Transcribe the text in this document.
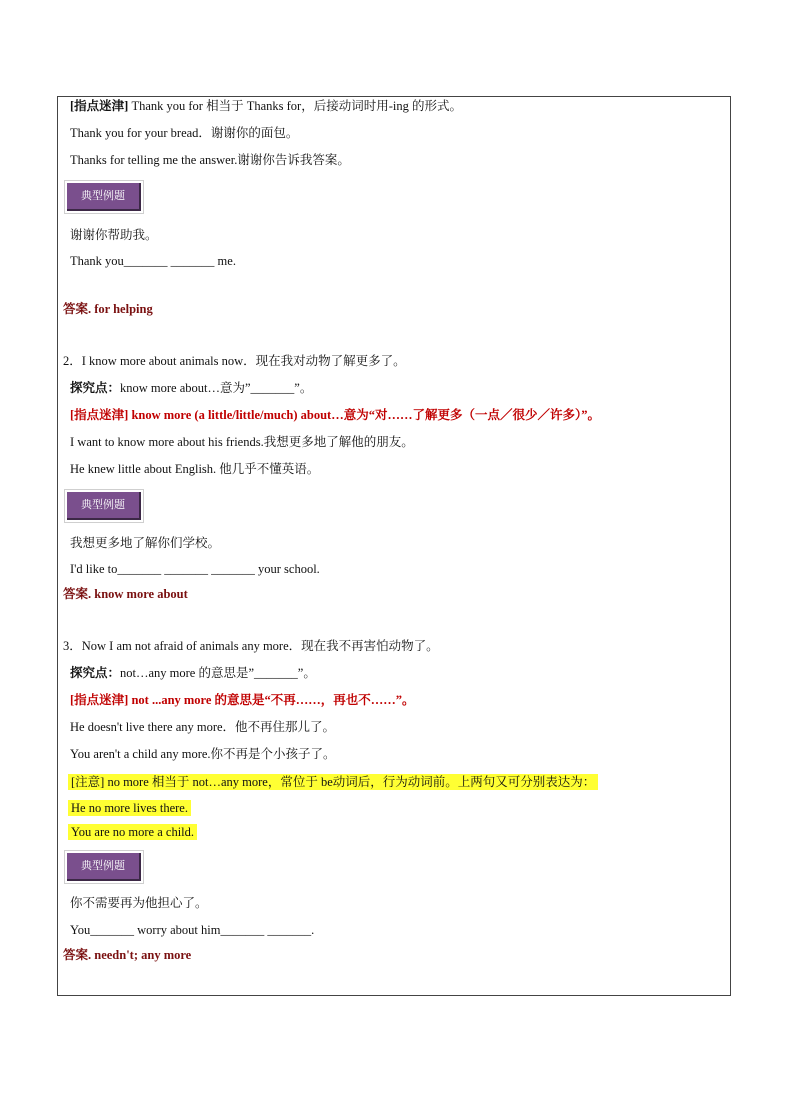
[指点迷津] Thank you for 相当于 Thanks for，后接动词时用-ing 的形式。
Thank you for your bread．谢谢你的面包。
Thanks for telling me the answer.谢谢你告诉我答案。
典型例题
谢谢你帮助我。
Thank you_______ _______ me.
答案. for helping
2．I know more about animals now．现在我对动物了解更多了。
探究点：know more about…意为”_______”。
[指点迷津] know more (a little/little/much) about…意为“对……了解更多（一点／很少／许多）”。
I want to know more about his friends.我想更多地了解他的朋友。
He knew little about English. 他几乎不懂英语。
典型例题
我想更多地了解你们学校。
I'd like to_______ _______ _______ your school.
答案. know more about
3．Now I am not afraid of animals any more．现在我不再害怕动物了。
探究点：not…any more 的意思是”_______”。
[指点迷津] not ...any more 的意思是“不再……，再也不……”。
He doesn't live there any more．他不再住那儿了。
You aren't a child any more.你不再是个小孩子了。
[注意] no more 相当于 not…any more，常位于 be动词后，行为动词前。上两句又可分别表达为：
He no more lives there.
You are no more a child.
典型例题
你不需要再为他担心了。
You_______ worry about him_______ _______.
答案. needn't; any more
